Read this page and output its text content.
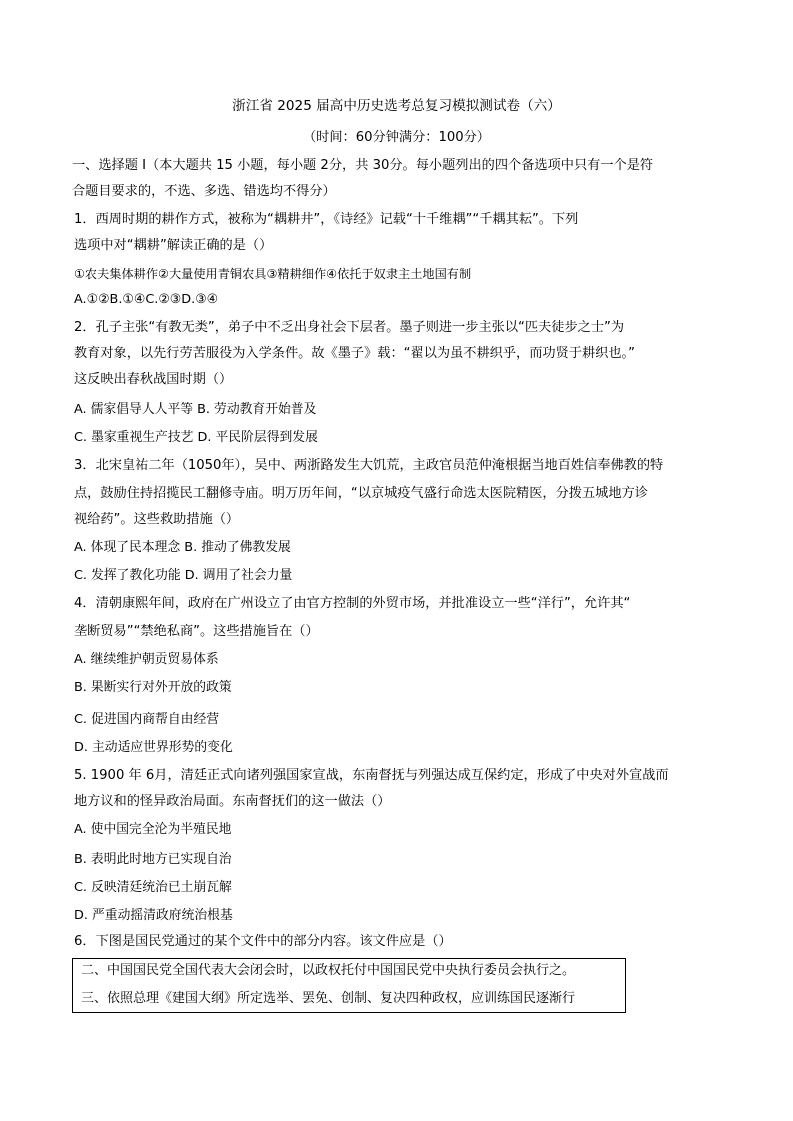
浙江省 2025 届高中历史选考总复习模拟测试卷（六）
（时间：60分钟满分：100分）
一、选择题 I（本大题共 15 小题，每小题 2分，共 30分。每小题列出的四个备选项中只有一个是符
合题目要求的，不选、多选、错选均不得分）
1．西周时期的耕作方式，被称为“耦耕井”，《诗经》记载“十千维耦”“千耦其耘”。下列
选项中对“耦耕”解读正确的是（）
①农夫集体耕作②大量使用青铜农具③精耕细作④依托于奴隶主土地国有制
A.①②B.①④C.②③D.③④
2．孔子主张“有教无类”，弟子中不乏出身社会下层者。墨子则进一步主张以“匹夫徒步之士”为
教育对象，以先行劳苦服役为入学条件。故《墨子》载：“翟以为虽不耕织乎，而功贤于耕织也。”
这反映出春秋战国时期（）
A. 儒家倡导人人平等 B. 劳动教育开始普及
C. 墨家重视生产技艺 D. 平民阶层得到发展
3．北宋皇祐二年（1050年），吴中、两浙路发生大饥荒，主政官员范仲淹根据当地百姓信奉佛教的特
点，鼓励住持招揽民工翻修寺庙。明万历年间，“以京城疫气盛行命选太医院精医，分拨五城地方诊
视给药”。这些救助措施（）
A. 体现了民本理念 B. 推动了佛教发展
C. 发挥了教化功能 D. 调用了社会力量
4．清朝康熙年间，政府在广州设立了由官方控制的外贸市场，并批准设立一些“洋行”，允许其“
垄断贸易”“禁绝私商”。这些措施旨在（）
A. 继续维护朝贡贸易体系
B. 果断实行对外开放的政策
C. 促进国内商帮自由经营
D. 主动适应世界形势的变化
5. 1900 年 6月，清廷正式向诸列强国家宣战，东南督抚与列强达成互保约定，形成了中央对外宣战而
地方议和的怪异政治局面。东南督抚们的这一做法（）
A. 使中国完全沦为半殖民地
B. 表明此时地方已实现自治
C. 反映清廷统治已土崩瓦解
D. 严重动摇清政府统治根基
6．下图是国民党通过的某个文件中的部分内容。该文件应是（）
二、中国国民党全国代表大会闭会时，以政权托付中国国民党中央执行委员会执行之。
三、依照总理《建国大纲》所定选举、罢免、创制、复决四种政权，应训练国民逐渐行
